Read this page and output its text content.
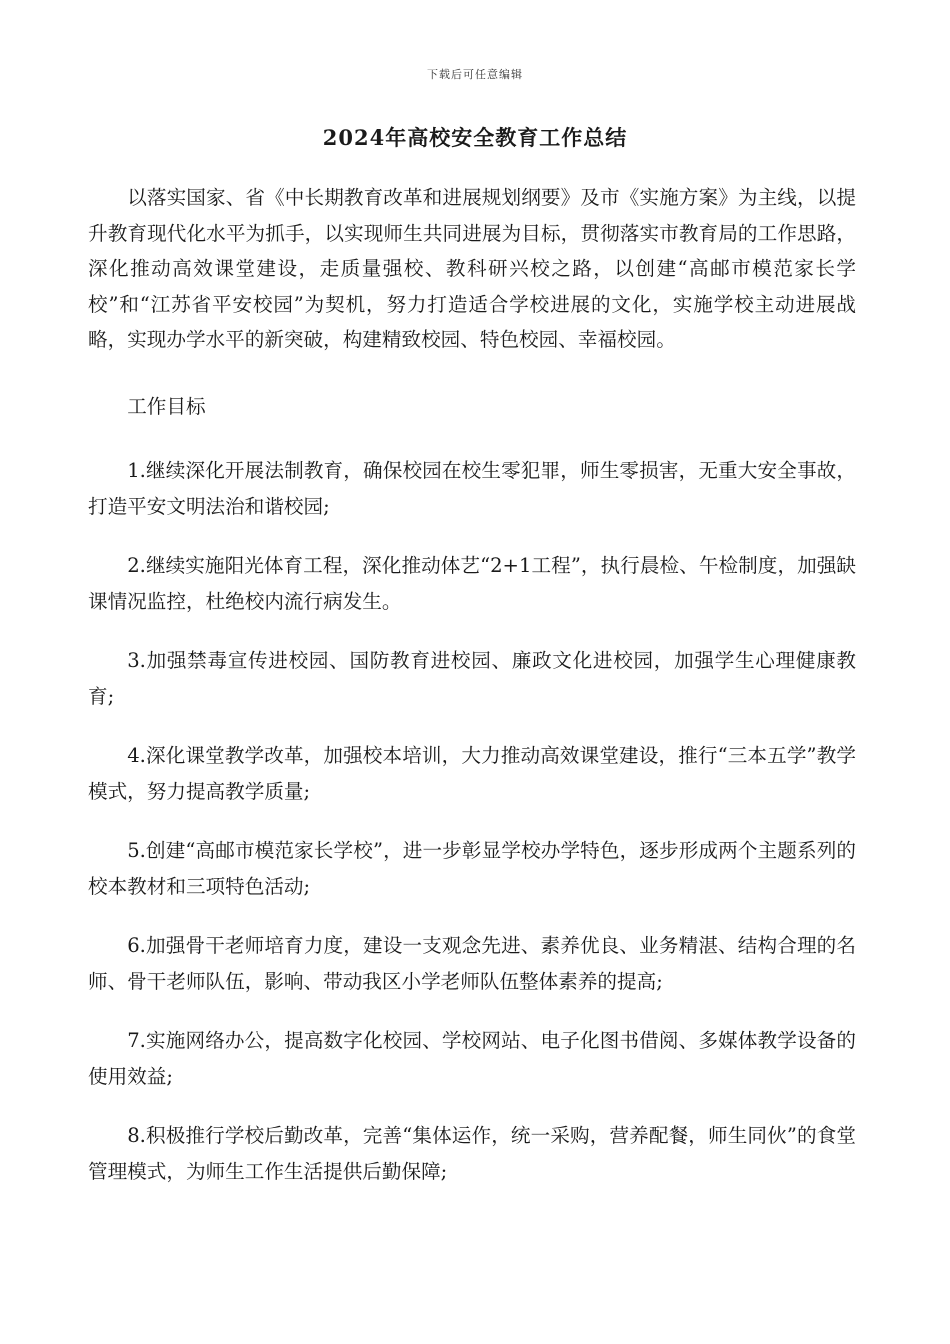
下载后可任意编辑
2024年高校安全教育工作总结

以落实国家、省《中长期教育改革和进展规划纲要》及市《实施方案》为主线，以提升教育现代化水平为抓手，以实现师生共同进展为目标，贯彻落实市教育局的工作思路，深化推动高效课堂建设，走质量强校、教科研兴校之路，以创建“高邮市模范家长学校”和“江苏省平安校园”为契机，努力打造适合学校进展的文化，实施学校主动进展战略，实现办学水平的新突破，构建精致校园、特色校园、幸福校园。

工作目标

1.继续深化开展法制教育，确保校园在校生零犯罪，师生零损害，无重大安全事故，打造平安文明法治和谐校园;

2.继续实施阳光体育工程，深化推动体艺“2+1工程”，执行晨检、午检制度，加强缺课情况监控，杜绝校内流行病发生。

3.加强禁毒宣传进校园、国防教育进校园、廉政文化进校园，加强学生心理健康教育;

4.深化课堂教学改革，加强校本培训，大力推动高效课堂建设，推行“三本五学”教学模式，努力提高教学质量;

5.创建“高邮市模范家长学校”，进一步彰显学校办学特色，逐步形成两个主题系列的校本教材和三项特色活动;

6.加强骨干老师培育力度，建设一支观念先进、素养优良、业务精湛、结构合理的名师、骨干老师队伍，影响、带动我区小学老师队伍整体素养的提高;

7.实施网络办公，提高数字化校园、学校网站、电子化图书借阅、多媒体教学设备的使用效益;

8.积极推行学校后勤改革，完善“集体运作，统一采购，营养配餐，师生同伙”的食堂管理模式，为师生工作生活提供后勤保障;
